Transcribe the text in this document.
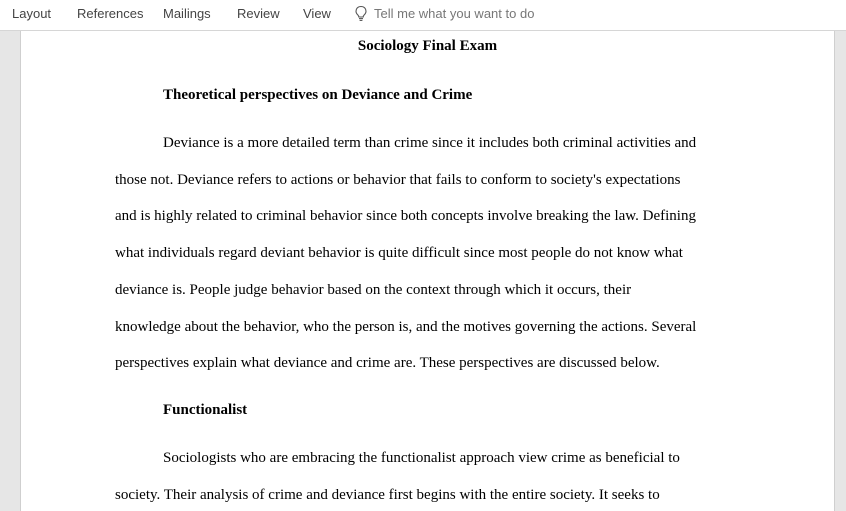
Layout References Mailings Review View	Tell me what you want to do
Sociology Final Exam
Theoretical perspectives on Deviance and Crime
Deviance is a more detailed term than crime since it includes both criminal activities and
those not. Deviance refers to actions or behavior that fails to conform to society's expectations
and is highly related to criminal behavior since both concepts involve breaking the law. Defining
what individuals regard deviant behavior is quite difficult since most people do not know what
deviance is. People judge behavior based on the context through which it occurs, their
knowledge about the behavior, who the person is, and the motives governing the actions. Several
perspectives explain what deviance and crime are. These perspectives are discussed below.
Functionalist
Sociologists who are embracing the functionalist approach view crime as beneficial to
society. Their analysis of crime and deviance first begins with the entire society. It seeks to
